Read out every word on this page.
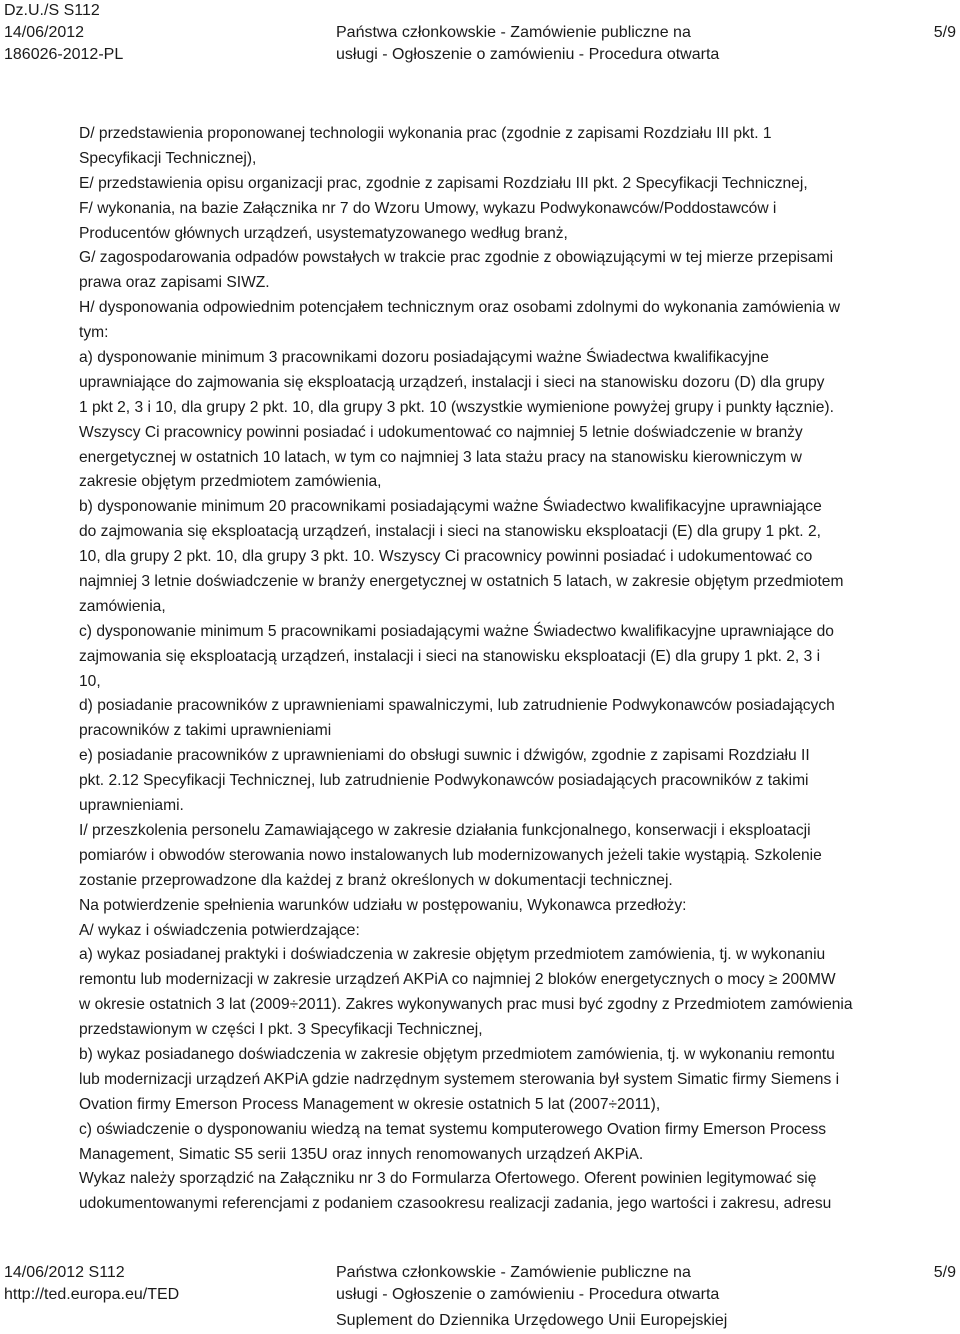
Dz.U./S S112
14/06/2012
186026-2012-PL
Państwa członkowskie - Zamówienie publiczne na
usługi - Ogłoszenie o zamówieniu - Procedura otwarta
5/9
D/ przedstawienia proponowanej technologii wykonania prac (zgodnie z zapisami Rozdziału III pkt. 1
Specyfikacji Technicznej),
E/ przedstawienia opisu organizacji prac, zgodnie z zapisami Rozdziału III pkt. 2 Specyfikacji Technicznej,
F/ wykonania, na bazie Załącznika nr 7 do Wzoru Umowy, wykazu Podwykonawców/Poddostawców i
Producentów głównych urządzeń, usystematyzowanego według branż,
G/ zagospodarowania odpadów powstałych w trakcie prac zgodnie z obowiązującymi w tej mierze przepisami
prawa oraz zapisami SIWZ.
H/ dysponowania odpowiednim potencjałem technicznym oraz osobami zdolnymi do wykonania zamówienia w
tym:
a) dysponowanie minimum 3 pracownikami dozoru posiadającymi ważne Świadectwa kwalifikacyjne
uprawniające do zajmowania się eksploatacją urządzeń, instalacji i sieci na stanowisku dozoru (D) dla grupy
1 pkt 2, 3 i 10, dla grupy 2 pkt. 10, dla grupy 3 pkt. 10 (wszystkie wymienione powyżej grupy i punkty łącznie).
Wszyscy Ci pracownicy powinni posiadać i udokumentować co najmniej 5 letnie doświadczenie w branży
energetycznej w ostatnich 10 latach, w tym co najmniej 3 lata stażu pracy na stanowisku kierowniczym w
zakresie objętym przedmiotem zamówienia,
b) dysponowanie minimum 20 pracownikami posiadającymi ważne Świadectwo kwalifikacyjne uprawniające
do zajmowania się eksploatacją urządzeń, instalacji i sieci na stanowisku eksploatacji (E) dla grupy 1 pkt. 2,
10, dla grupy 2 pkt. 10, dla grupy 3 pkt. 10. Wszyscy Ci pracownicy powinni posiadać i udokumentować co
najmniej 3 letnie doświadczenie w branży energetycznej w ostatnich 5 latach, w zakresie objętym przedmiotem
zamówienia,
c) dysponowanie minimum 5 pracownikami posiadającymi ważne Świadectwo kwalifikacyjne uprawniające do
zajmowania się eksploatacją urządzeń, instalacji i sieci na stanowisku eksploatacji (E) dla grupy 1 pkt. 2, 3 i
10,
d) posiadanie pracowników z uprawnieniami spawalniczymi, lub zatrudnienie Podwykonawców posiadających
pracowników z takimi uprawnieniami
e) posiadanie pracowników z uprawnieniami do obsługi suwnic i dźwigów, zgodnie z zapisami Rozdziału II
pkt. 2.12 Specyfikacji Technicznej, lub zatrudnienie Podwykonawców posiadających pracowników z takimi
uprawnieniami.
I/ przeszkolenia personelu Zamawiającego w zakresie działania funkcjonalnego, konserwacji i eksploatacji
pomiarów i obwodów sterowania nowo instalowanych lub modernizowanych jeżeli takie wystąpią. Szkolenie
zostanie przeprowadzone dla każdej z branż określonych w dokumentacji technicznej.
Na potwierdzenie spełnienia warunków udziału w postępowaniu, Wykonawca przedłoży:
A/ wykaz i oświadczenia potwierdzające:
a) wykaz posiadanej praktyki i doświadczenia w zakresie objętym przedmiotem zamówienia, tj. w wykonaniu
remontu lub modernizacji w zakresie urządzeń AKPiA co najmniej 2 bloków energetycznych o mocy ≥ 200MW
w okresie ostatnich 3 lat (2009÷2011). Zakres wykonywanych prac musi być zgodny z Przedmiotem zamówienia
przedstawionym w części I pkt. 3 Specyfikacji Technicznej,
b) wykaz posiadanego doświadczenia w zakresie objętym przedmiotem zamówienia, tj. w wykonaniu remontu
lub modernizacji urządzeń AKPiA gdzie nadrzędnym systemem sterowania był system Simatic firmy Siemens i
Ovation firmy Emerson Process Management w okresie ostatnich 5 lat (2007÷2011),
c) oświadczenie o dysponowaniu wiedzą na temat systemu komputerowego Ovation firmy Emerson Process
Management, Simatic S5 serii 135U oraz innych renomowanych urządzeń AKPiA.
Wykaz należy sporządzić na Załączniku nr 3 do Formularza Ofertowego. Oferent powinien legitymować się
udokumentowanymi referencjami z podaniem czasookresu realizacji zadania, jego wartości i zakresu, adresu
14/06/2012 S112
http://ted.europa.eu/TED
Państwa członkowskie - Zamówienie publiczne na
usługi - Ogłoszenie o zamówieniu - Procedura otwarta
Suplement do Dziennika Urzędowego Unii Europejskiej
5/9
